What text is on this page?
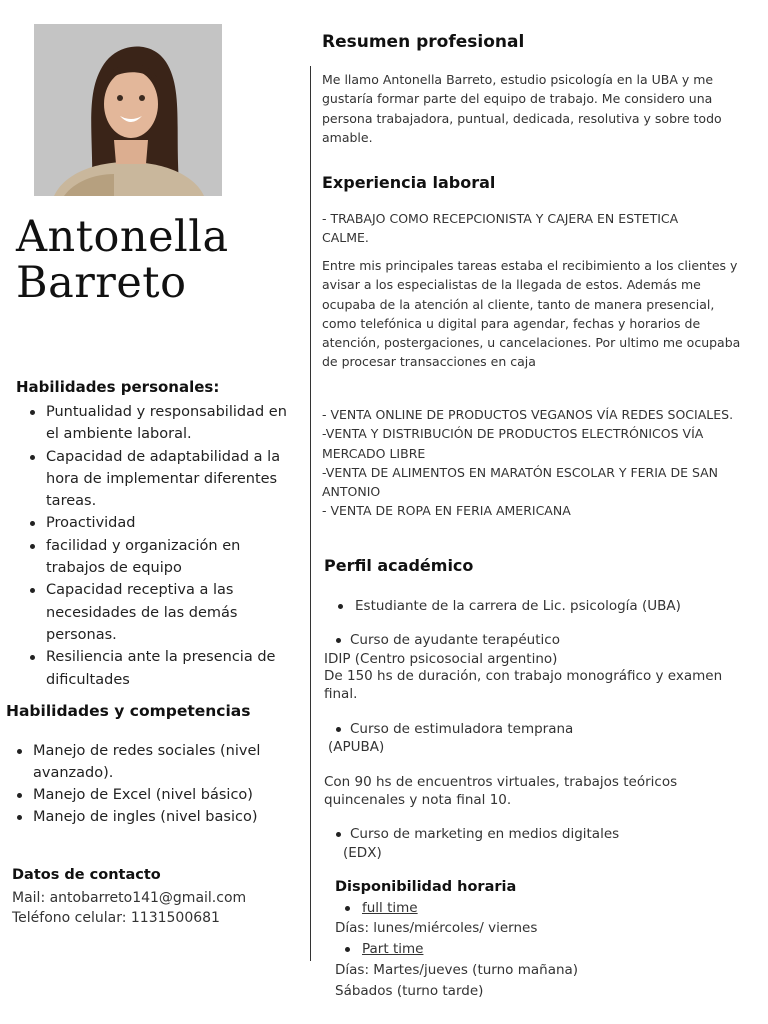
Antonella
Barreto
Habilidades personales:
Puntualidad y responsabilidad en el ambiente laboral.
Capacidad de adaptabilidad a la hora de implementar diferentes tareas.
Proactividad
facilidad y organización en trabajos de equipo
Capacidad receptiva a las necesidades de las demás personas.
Resiliencia ante la presencia de dificultades
Habilidades y competencias
Manejo de redes sociales (nivel avanzado).
Manejo de Excel (nivel básico)
Manejo de ingles (nivel basico)
Datos de contacto
Mail: antobarreto141@gmail.com
Teléfono celular: 1131500681
Resumen profesional
Me llamo Antonella Barreto, estudio psicología en la UBA y me gustaría formar parte del equipo de trabajo. Me considero una persona trabajadora, puntual, dedicada, resolutiva y sobre todo amable.
Experiencia laboral
- TRABAJO COMO RECEPCIONISTA Y CAJERA EN ESTETICA CALME.
Entre mis principales tareas estaba el recibimiento a los clientes y avisar a los especialistas de la llegada de estos. Además me ocupaba de la atención al cliente, tanto de manera presencial, como telefónica u digital para agendar, fechas y horarios de atención, postergaciones, u cancelaciones. Por ultimo me ocupaba de procesar transacciones en caja
- VENTA ONLINE DE PRODUCTOS VEGANOS VÍA REDES SOCIALES.
-VENTA Y DISTRIBUCIÓN DE PRODUCTOS ELECTRÓNICOS VÍA MERCADO LIBRE
-VENTA DE ALIMENTOS EN MARATÓN ESCOLAR Y FERIA DE SAN ANTONIO
- VENTA DE ROPA EN FERIA AMERICANA
Perfil académico
Estudiante de la carrera de Lic. psicología (UBA)
Curso de ayudante terapéutico
IDIP (Centro psicosocial argentino)
De 150 hs de duración, con trabajo monográfico y examen final.
Curso de estimuladora temprana
(APUBA)
Con 90 hs de encuentros virtuales, trabajos teóricos quincenales y nota final 10.
Curso de marketing en medios digitales
(EDX)
Disponibilidad horaria
full time
Días: lunes/miércoles/ viernes
Part time
Días: Martes/jueves (turno mañana)
Sábados (turno tarde)
